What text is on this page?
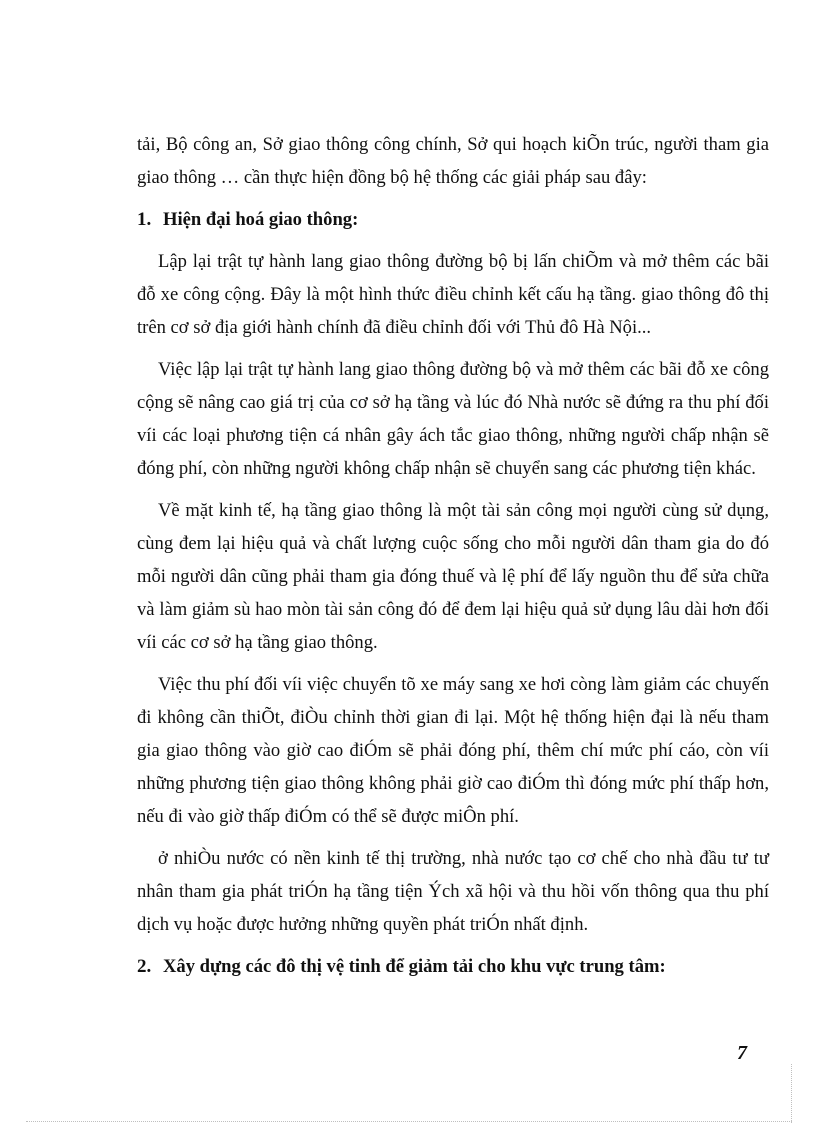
tải, Bộ công an, Sở giao thông công chính, Sở qui hoạch kiÕn trúc, người tham gia giao thông … cần thực hiện đồng bộ hệ thống các giải pháp sau đây:

1. Hiện đại hoá giao thông:

Lập lại trật tự hành lang giao thông đường bộ bị lấn chiÕm và mở thêm các bãi đỗ xe công cộng. Đây là một hình thức điều chỉnh kết cấu hạ tầng. giao thông đô thị trên cơ sở địa giới hành chính đã điều chỉnh đối với Thủ đô Hà Nội...

Việc lập lại trật tự hành lang giao thông đường bộ và mở thêm các bãi đỗ xe công cộng sẽ nâng cao giá trị của cơ sở hạ tầng và lúc đó Nhà nước sẽ đứng ra thu phí đối víi các loại phương tiện cá nhân gây ách tắc giao thông, những người chấp nhận sẽ đóng phí, còn những người không chấp nhận sẽ chuyển sang các phương tiện khác.

Về mặt kinh tế, hạ tầng giao thông là một tài sản công mọi người cùng sử dụng, cùng đem lại hiệu quả và chất lượng cuộc sống cho mỗi người dân tham gia do đó mỗi người dân cũng phải tham gia đóng thuế và lệ phí để lấy nguồn thu để sửa chữa và làm giảm sù hao mòn tài sản công đó để đem lại hiệu quả sử dụng lâu dài hơn đối víi các cơ sở hạ tầng giao thông.

Việc thu phí đối víi việc chuyển tõ xe máy sang xe hơi còng làm giảm các chuyến đi không cần thiÕt, điÒu chỉnh thời gian đi lại. Một hệ thống hiện đại là nếu tham gia giao thông vào giờ cao điÓm sẽ phải đóng phí, thêm chí mức phí cáo, còn víi những phương tiện giao thông không phải giờ cao điÓm thì đóng mức phí thấp hơn, nếu đi vào giờ thấp điÓm có thể sẽ được miÔn phí.

ở nhiÒu nước có nền kinh tế thị trường, nhà nước tạo cơ chế cho nhà đầu tư tư nhân tham gia phát triÓn hạ tầng tiện Ých xã hội và thu hồi vốn thông qua thu phí dịch vụ hoặc được hưởng những quyền phát triÓn nhất định.

2. Xây dựng các đô thị vệ tinh để giảm tải cho khu vực trung tâm:
7
